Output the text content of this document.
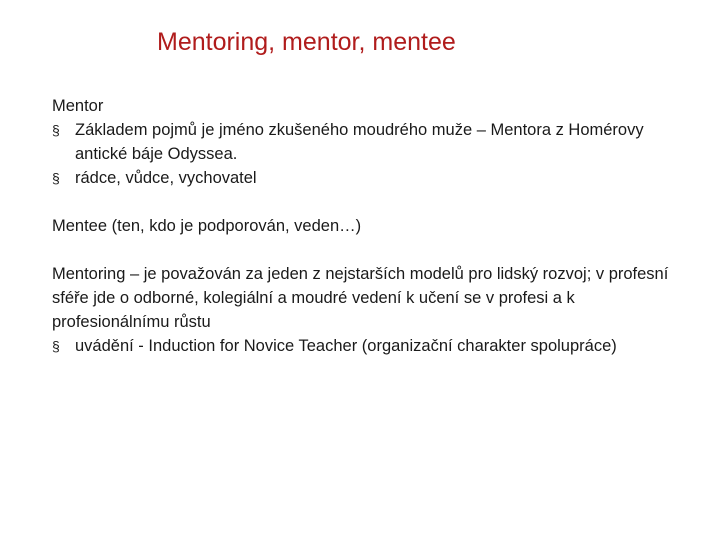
Mentoring, mentor, mentee

Mentor

§ Základem pojmů je jméno zkušeného moudrého muže – Mentora z Homérovy antické báje Odyssea.

§ rádce, vůdce, vychovatel

Mentee (ten, kdo je podporován, veden…)

Mentoring – je považován za jeden z nejstarších modelů pro lidský rozvoj; v profesní sféře jde o odborné, kolegiální a moudré vedení k učení se v profesi a k profesionálnímu růstu

§ uvádění - Induction for Novice Teacher (organizační charakter spolupráce)
